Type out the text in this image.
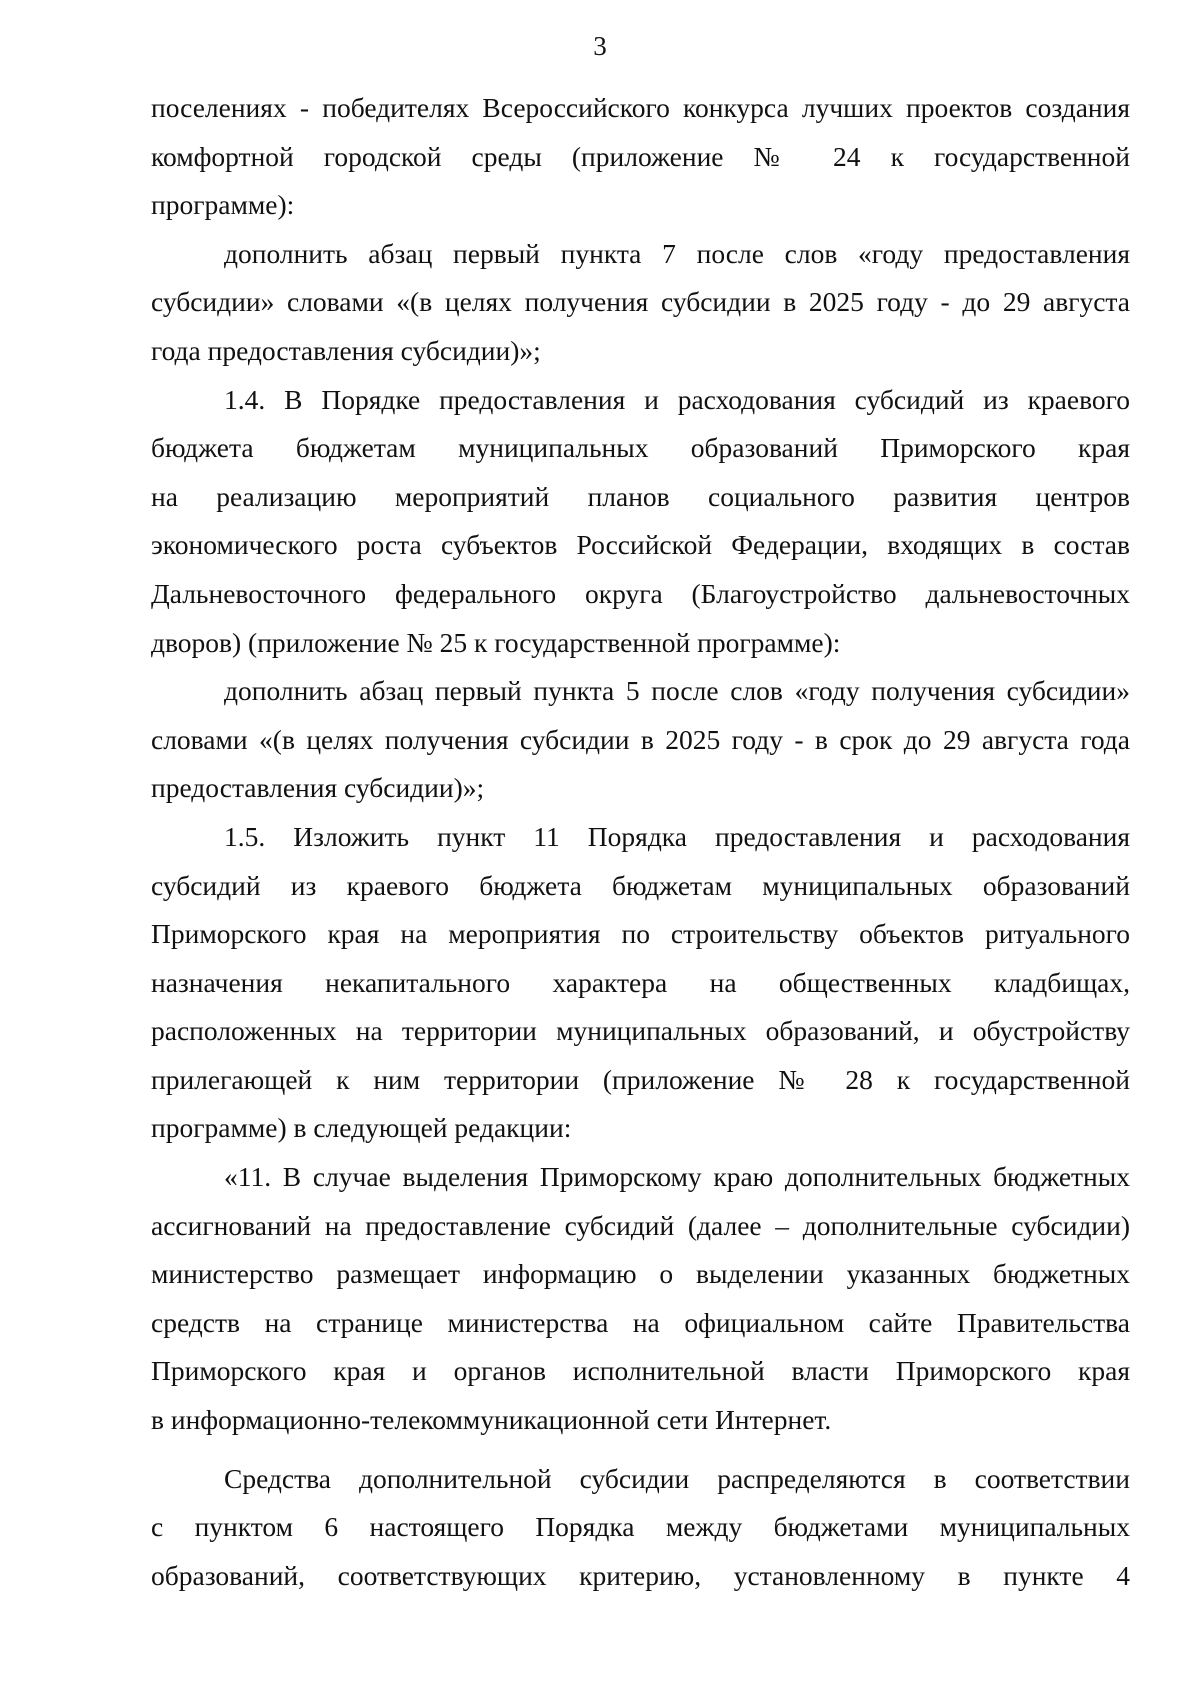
3
поселениях - победителях Всероссийского конкурса лучших проектов создания
комфортной городской среды (приложение № 24 к государственной
программе):
дополнить абзац первый пункта 7 после слов «году предоставления
субсидии» словами «(в целях получения субсидии в 2025 году - до 29 августа
года предоставления субсидии)»;
1.4. В Порядке предоставления и расходования субсидий из краевого
бюджета бюджетам муниципальных образований Приморского края
на реализацию мероприятий планов социального развития центров
экономического роста субъектов Российской Федерации, входящих в состав
Дальневосточного федерального округа (Благоустройство дальневосточных
дворов) (приложение № 25 к государственной программе):
дополнить абзац первый пункта 5 после слов «году получения субсидии»
словами «(в целях получения субсидии в 2025 году - в срок до 29 августа года
предоставления субсидии)»;
1.5. Изложить пункт 11 Порядка предоставления и расходования
субсидий из краевого бюджета бюджетам муниципальных образований
Приморского края на мероприятия по строительству объектов ритуального
назначения некапитального характера на общественных кладбищах,
расположенных на территории муниципальных образований, и обустройству
прилегающей к ним территории (приложение № 28 к государственной
программе) в следующей редакции:
«11. В случае выделения Приморскому краю дополнительных бюджетных
ассигнований на предоставление субсидий (далее – дополнительные субсидии)
министерство размещает информацию о выделении указанных бюджетных
средств на странице министерства на официальном сайте Правительства
Приморского края и органов исполнительной власти Приморского края
в информационно-телекоммуникационной сети Интернет.
Средства дополнительной субсидии распределяются в соответствии
с пунктом 6 настоящего Порядка между бюджетами муниципальных
образований, соответствующих критерию, установленному в пункте 4
